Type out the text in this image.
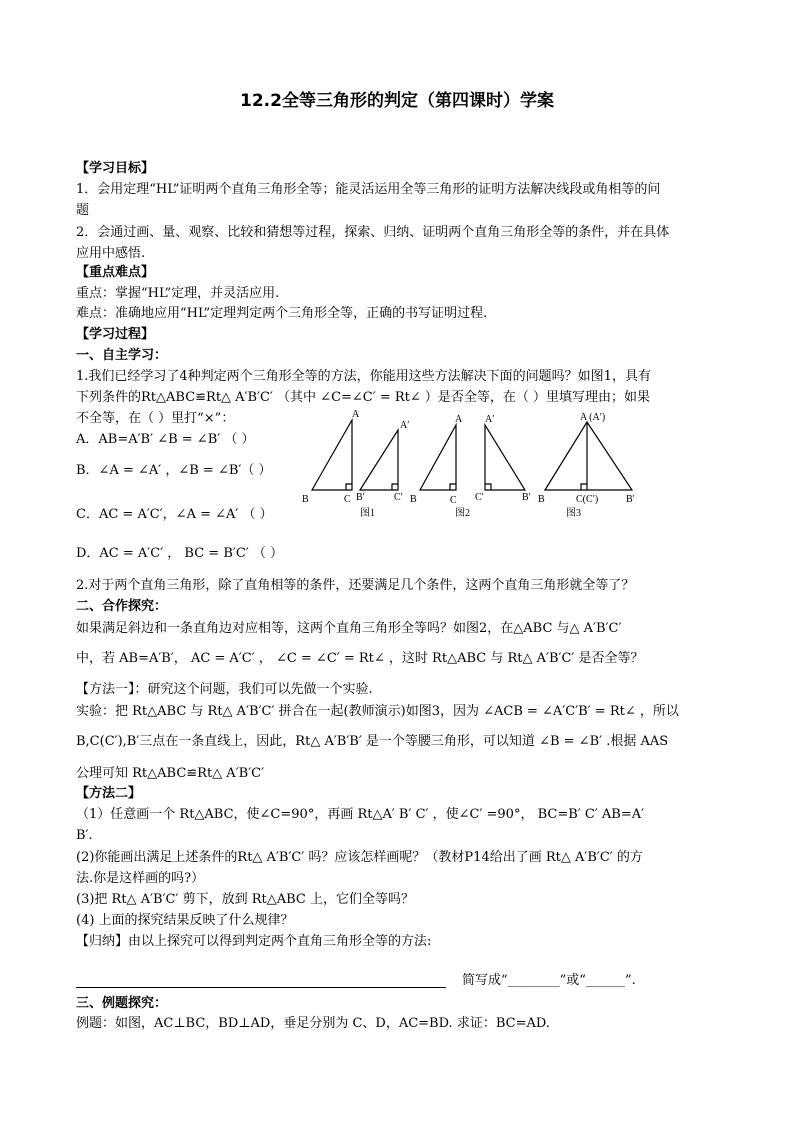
12.2全等三角形的判定（第四课时）学案
【学习目标】
1．会用定理“HL”证明两个直角三角形全等；能灵活运用全等三角形的证明方法解决线段或角相等的问
题
2．会通过画、量、观察、比较和猜想等过程，探索、归纳、证明两个直角三角形全等的条件，并在具体
应用中感悟.
【重点难点】
重点：掌握“HL”定理，并灵活应用.
难点：准确地应用“HL”定理判定两个三角形全等，正确的书写证明过程.
【学习过程】
一、自主学习：
1.我们已经学习了4种判定两个三角形全等的方法，你能用这些方法解决下面的问题吗？如图1，具有
下列条件的Rt△ABC≌Rt△ A′B′C′ （其中 ∠C=∠C′ = Rt∠ ）是否全等，在（ ）里填写理由；如果
不全等，在（ ）里打“×”：
A．AB=A′B′ ∠B = ∠B′ （ ）
B．∠A = ∠A′ ，∠B = ∠B′（ ）
C．AC = A′C′，∠A = ∠A′ （ ）
D．AC = A′C′ ， BC = B′C′ （ ）
2.对于两个直角三角形，除了直角相等的条件，还要满足几个条件，这两个直角三角形就全等了？
二、合作探究：
如果满足斜边和一条直角边对应相等，这两个直角三角形全等吗？如图2，在△ABC 与△ A′B′C′
中，若 AB=A′B′， AC = A′C′ ， ∠C = ∠C′ = Rt∠ ，这时 Rt△ABC 与 Rt△ A′B′C′ 是否全等？
【方法一】：研究这个问题，我们可以先做一个实验.
实验：把 Rt△ABC 与 Rt△ A′B′C′ 拼合在一起(教师演示)如图3，因为 ∠ACB = ∠A′C′B′ = Rt∠ ，所以
B,C(C′),B′三点在一条直线上，因此，Rt△ A′B′B′ 是一个等腰三角形，可以知道 ∠B = ∠B′ .根据 AAS
公理可知 Rt△ABC≌Rt△ A′B′C′
【方法二】
（1）任意画一个 Rt△ABC，使∠C=90°，再画 Rt△A′ B′ C′ ，使∠C′ =90°， BC=B′ C′ AB=A′
B′.
(2)你能画出满足上述条件的Rt△ A′B′C′ 吗？应该怎样画呢？（教材P14给出了画 Rt△ A′B′C′ 的方
法.你是这样画的吗?）
(3)把 Rt△ A′B′C′ 剪下，放到 Rt△ABC 上，它们全等吗？
(4) 上面的探究结果反映了什么规律？
【归纳】由以上探究可以得到判定两个直角三角形全等的方法:
简写成“________”或“______”.
三、例题探究：
例题：如图，AC⊥BC，BD⊥AD，垂足分别为 C、D，AC=BD. 求证：BC=AD.
A
B	C
A′
B′	C′
图1
A
B	C
A′
C′	B′
图2
A (A′)
B	C(C′)	B′
图3
